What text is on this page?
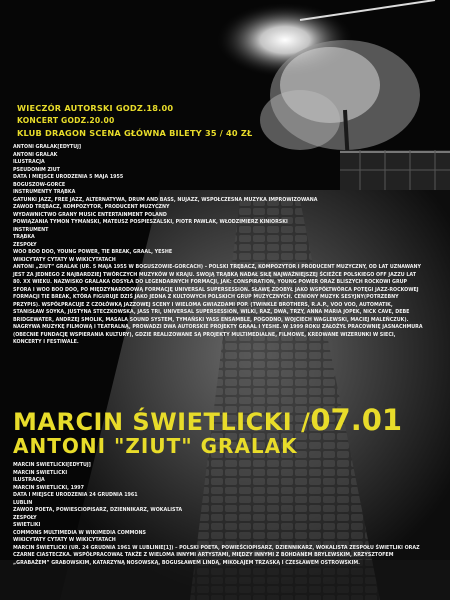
WIECZÓR AUTORSKI GODZ.18.00
KONCERT GODZ.20.00
KLUB DRAGON SCENA GŁÓWNA BILETY 35 / 40 ZŁ
ANTONI GRALAK[EDYTUJ]
ANTONI GRALAK
ILUSTRACJA
PSEUDONIM ZIUT
DATA I MIEJSCE URODZENIA 5 MAJA 1955
BOGUSZÓW-GORCE
INSTRUMENTY TRĄBKA
GATUNKI JAZZ, FREE JAZZ, ALTERNATYWA, DRUM AND BASS, NUJAZZ, WSPÓŁCZESNA MUZYKA IMPROWIZOWANA
ZAWÓD TRĘBACZ, KOMPOZYTOR, PRODUCENT MUZYCZNY
WYDAWNICTWO GRANY MUSIC ENTERTAINMENT POLAND
POWIĄZANIA TYMON TYMAŃSKI, MATEUSZ POSPIESZALSKI, PIOTR PAWLAK, WŁODZIMIERZ KINIORSKI
INSTRUMENT
TRĄBKA
ZESPOŁY
WOO BOO DOO, YOUNG POWER, TIE BREAK, GRAAL, YESHE
WIKICYTATY CYTATY W WIKICYTATACH
ANTONI „ZIUT” GRALAK (UR. 5 MAJA 1955 W BOGUSZOWIE-GORCACH) – POLSKI TRĘBACZ, KOMPOZYTOR I PRODUCENT MUZYCZNY, OD LAT UZNAWANY JEST ZA JEDNEGO Z NAJBARDZIEJ TWÓRCZYCH MUZYKÓW W KRAJU. SWOJĄ TRĄBKĄ NADAŁ SIŁĘ NAJWAŻNIEJSZEJ ŚCIEŻCE POLSKIEGO OFF JAZZU LAT 80. XX WIEKU. NAZWISKO GRALAKA ODSYŁA DO LEGENDARNYCH FORMACJI, JAK: CONSPIRATION, YOUNG POWER ORAZ BLISZYCH ROCKOWI GRUP SFORA I WOO BOO DOO, PO MIĘDZYNARODOWĄ FORMACJĘ UNIVERSAL SUPERSESSION. SŁAWĘ ZDOBYŁ JAKO WSPÓŁTWÓRCA POTĘGI JAZZ-ROCKOWEJ FORMACJI TIE BREAK, KTÓRA FIGURUJE DZIŚ JAKO JEDNA Z KULTOWYCH POLSKICH GRUP MUZYCZNYCH. CENIONY MUZYK SESYJNY(POTRZEBNY PRZYPIS). WSPÓŁPRACUJE Z CZOŁÓWKĄ JAZZOWEJ SCENY I WIELOMA GWIAZDAMI POP. (TWINKLE BROTHERS, R.A.P., VOO VOO, AUTOMATIK, STANISŁAW SOYKA, JUSTYNA STECZKOWSKA, JASS TRI, UNIVERSAL SUPERSESSION, WILKI, RAZ, DWA, TRZY, ANNA MARIA JOPEK, NICK CAVE, DEBE BRIDGEWATER, ANDRZEJ SMOLIK, MASALA SOUND SYSTEM, TYMAŃSKI YASS ENSAMBLE, POGODNO, WOJCIECH WAGLEWSKI, MACIEJ MALEŃCZUK). NAGRYWA MUZYKĘ FILMOWĄ I TEATRALNĄ, PROWADZI DWA AUTORSKIE PROJEKTY GRAAL I YESHE. W 1999 ROKU ZAŁOŻYŁ PRACOWNIĘ JASNACHMURA (OBECNIE FUNDACJĘ WSPIERANIA KULTURY), GDZIE REALIZOWANE SĄ PROJEKTY MULTIMEDIALNE, FILMOWE, KREOWANE WIZERUNKI W SIECI, KONCERTY I FESTIWALE.
MARCIN ŚWIETLICKI /07.01
ANTONI "ZIUT" GRALAK
MARCIN ŚWIETLICKI[EDYTUJ]
MARCIN ŚWIETLICKI
ILUSTRACJA
MARCIN ŚWIETLICKI, 1997
DATA I MIEJSCE URODZENIA 24 GRUDNIA 1961
LUBLIN
ZAWÓD POETA, POWIEŚCIOPISARZ, DZIENNIKARZ, WOKALISTA
ZESPOŁY
ŚWIETLIKI
COMMONS MULTIMEDIA W WIKIMEDIA COMMONS
WIKICYTATY CYTATY W WIKICYTATACH
MARCIN ŚWIETLICKI (UR. 24 GRUDNIA 1961 W LUBLINIE[1]) – POLSKI POETA, POWIEŚCIOPISARZ, DZIENNIKARZ, WOKALISTA ZESPOŁU ŚWIETLIKI ORAZ CZARNE CIASTECZKA. WSPÓŁPRACOWAŁ TAKŻE Z WIELOMA INNYMI ARTYSTAMI, MIĘDZY INNYMI Z BOHDANEM BRYLEWSKIM, KRZYSZTOFEM „GRABAŻEM” GRABOWSKIM, KATARZYNĄ NOSOWSKĄ, BOGUSŁAWEM LINDĄ, MIKOŁAJEM TRZASKĄ I CZESŁAWEM OSTROWSKIM.
